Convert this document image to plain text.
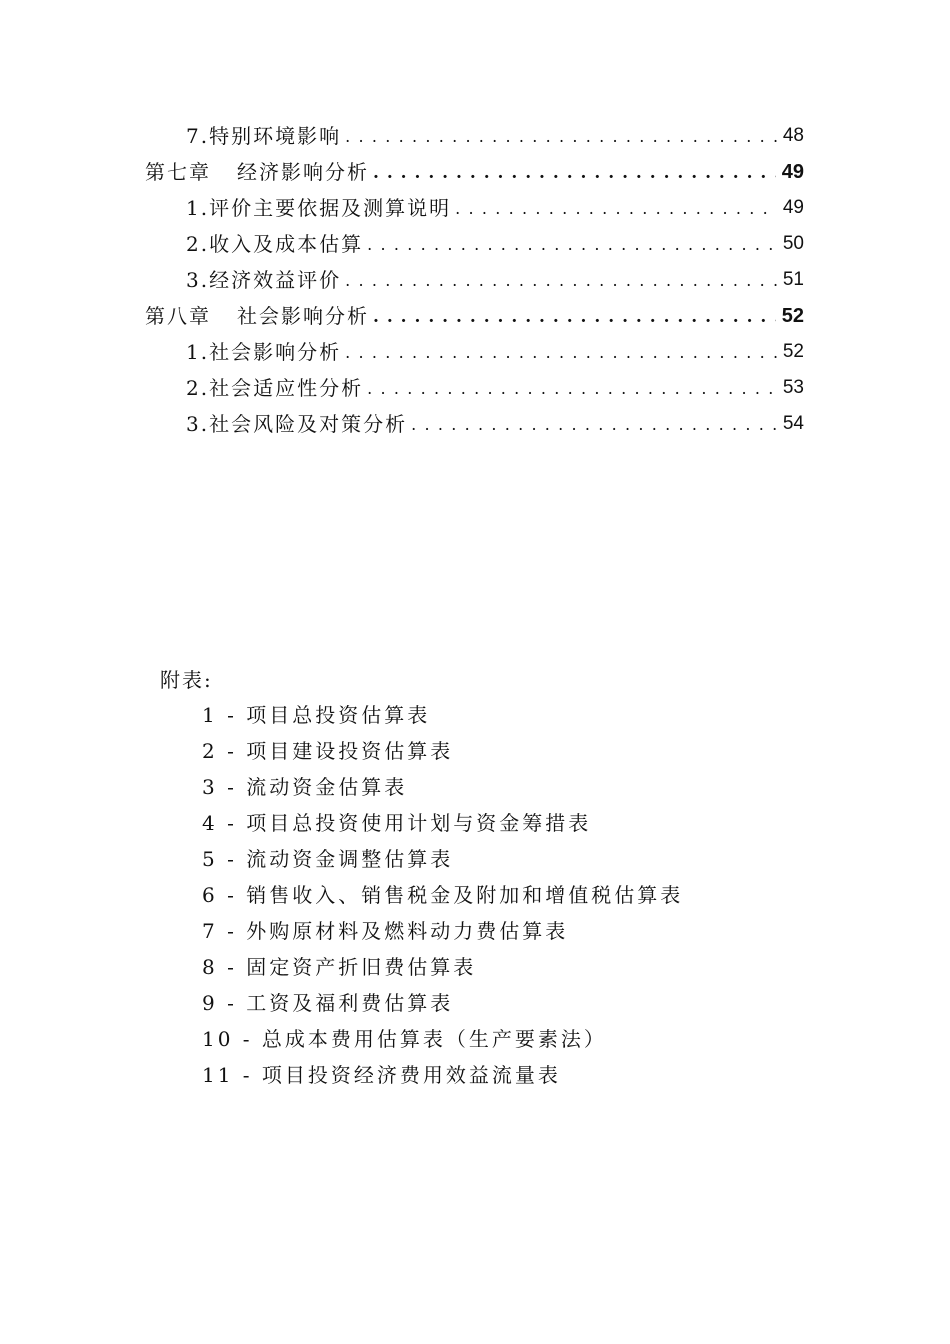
7.特别环境影响 . . .	48
第七章 经济影响分析 . . .	49
1.评价主要依据及测算说明 . . .	49
2.收入及成本估算 . . .	50
3.经济效益评价 . . .	51
第八章 社会影响分析 . . .	52
1.社会影响分析 . . .	52
2.社会适应性分析 . . .	53
3.社会风险及对策分析 . . .	54
附表:
1 - 项目总投资估算表
2 - 项目建设投资估算表
3 - 流动资金估算表
4 - 项目总投资使用计划与资金筹措表
5 - 流动资金调整估算表
6 - 销售收入、销售税金及附加和增值税估算表
7 - 外购原材料及燃料动力费估算表
8 - 固定资产折旧费估算表
9 - 工资及福利费估算表
10 - 总成本费用估算表（生产要素法）
11 - 项目投资经济费用效益流量表
